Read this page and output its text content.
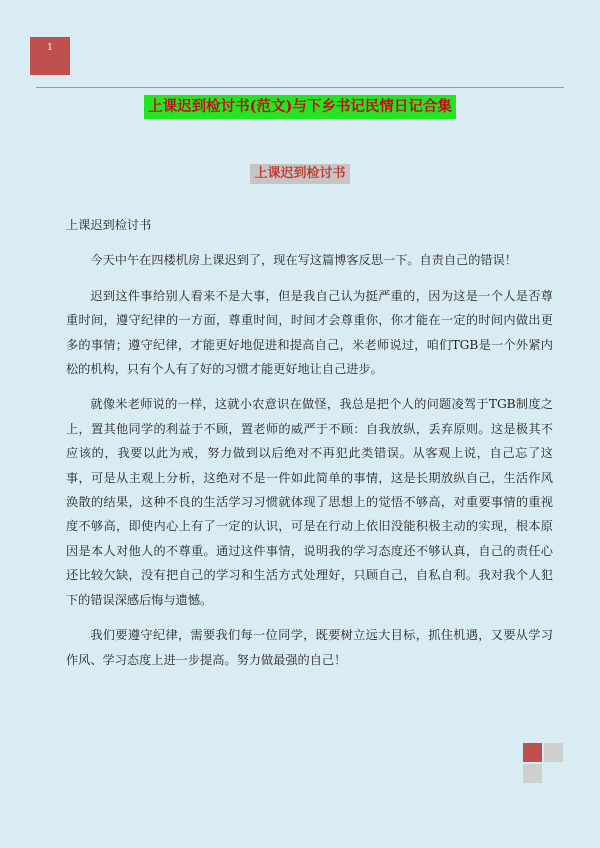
1
上课迟到检讨书(范文)与下乡书记民情日记合集
上课迟到检讨书

上课迟到检讨书

今天中午在四楼机房上课迟到了，现在写这篇博客反思一下。自责自己的错误！

迟到这件事给别人看来不是大事，但是我自己认为挺严重的，因为这是一个人是否尊重时间，遵守纪律的一方面，尊重时间，时间才会尊重你，你才能在一定的时间内做出更多的事情；遵守纪律，才能更好地促进和提高自己，米老师说过，咱们TGB是一个外紧内松的机构，只有个人有了好的习惯才能更好地让自己进步。

就像米老师说的一样，这就小农意识在做怪，我总是把个人的问题凌驾于TGB制度之上，置其他同学的利益于不顾，置老师的威严于不顾：自我放纵，丢弃原则。这是极其不应该的，我要以此为戒，努力做到以后绝对不再犯此类错误。从客观上说，自己忘了这事，可是从主观上分析，这绝对不是一件如此简单的事情，这是长期放纵自己，生活作风涣散的结果，这种不良的生活学习习惯就体现了思想上的觉悟不够高，对重要事情的重视度不够高，即使内心上有了一定的认识，可是在行动上依旧没能积极主动的实现，根本原因是本人对他人的不尊重。通过这件事情，说明我的学习态度还不够认真，自己的责任心还比较欠缺，没有把自己的学习和生活方式处理好，只顾自己，自私自利。我对我个人犯下的错误深感后悔与遗憾。

我们要遵守纪律，需要我们每一位同学，既要树立远大目标，抓住机遇，又要从学习作风、学习态度上进一步提高。努力做最强的自己！
